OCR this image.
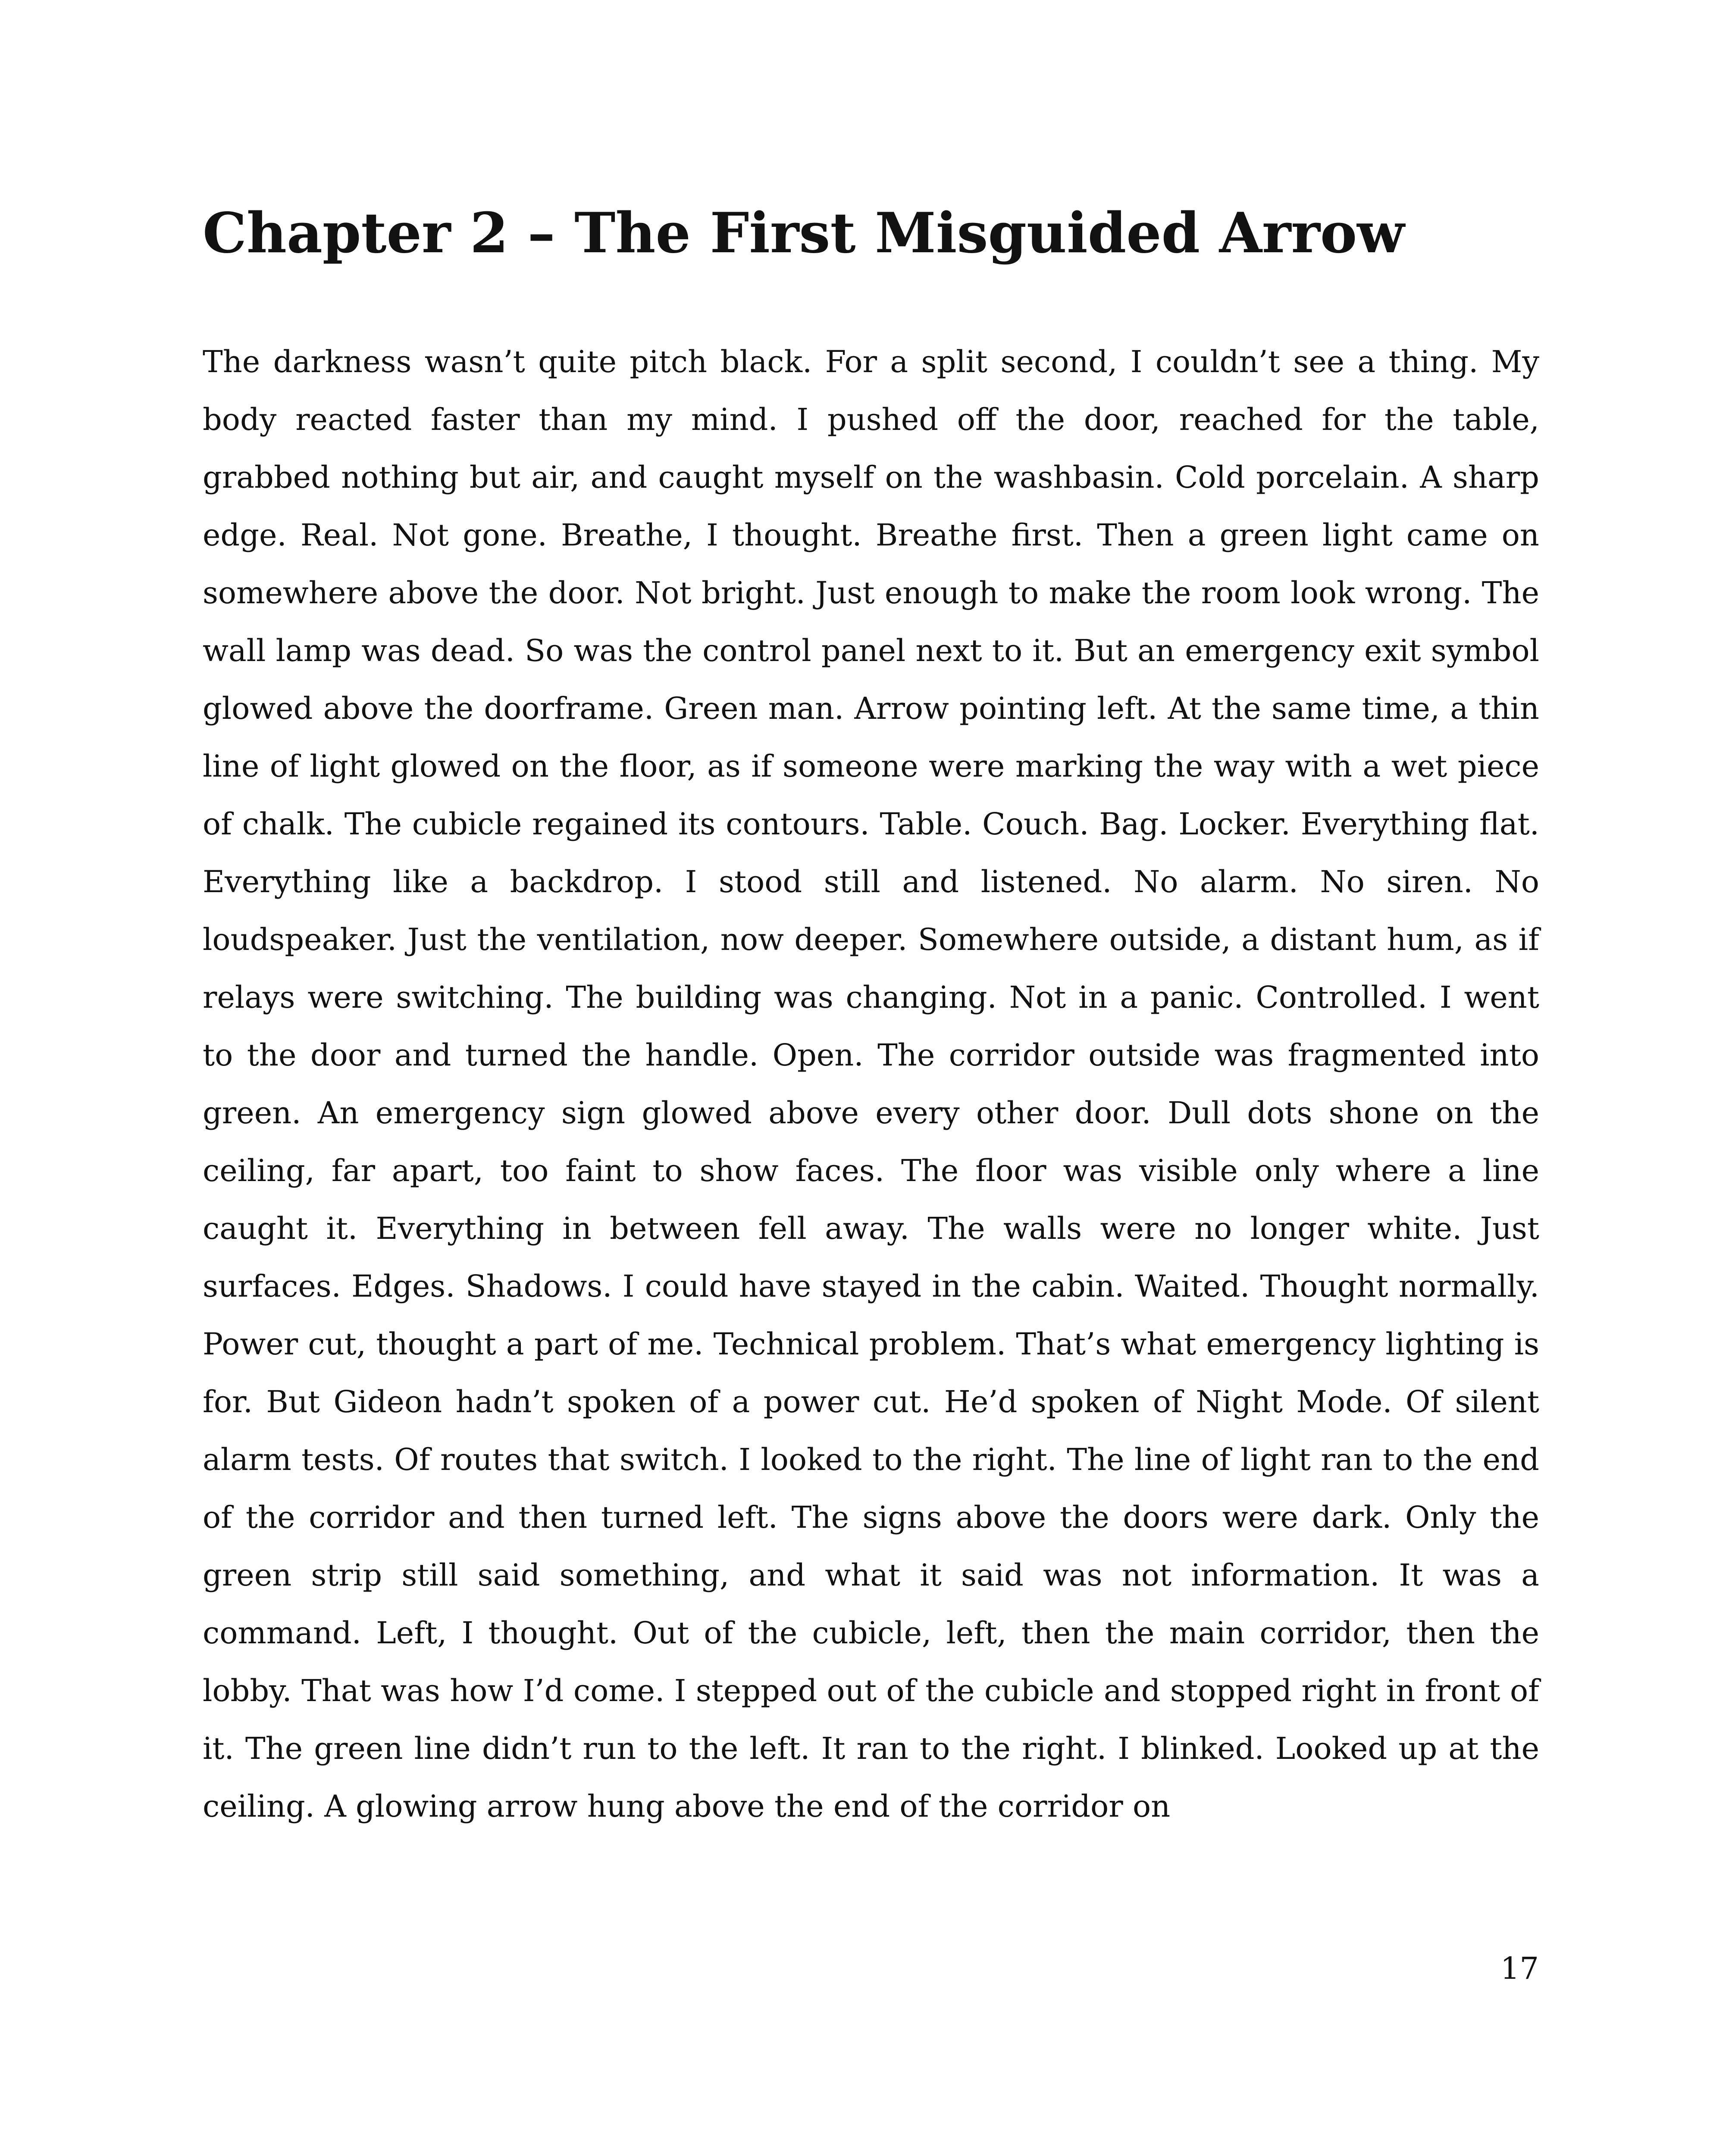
Chapter 2 – The First Misguided Arrow

The darkness wasn’t quite pitch black. For a split second, I couldn’t see a thing. My body reacted faster than my mind. I pushed off the door, reached for the table, grabbed nothing but air, and caught myself on the washbasin. Cold porcelain. A sharp edge. Real. Not gone. Breathe, I thought. Breathe first. Then a green light came on somewhere above the door. Not bright. Just enough to make the room look wrong. The wall lamp was dead. So was the control panel next to it. But an emergency exit symbol glowed above the doorframe. Green man. Arrow pointing left. At the same time, a thin line of light glowed on the floor, as if someone were marking the way with a wet piece of chalk. The cubicle regained its contours. Table. Couch. Bag. Locker. Everything flat. Everything like a backdrop. I stood still and listened. No alarm. No siren. No loudspeaker. Just the ventilation, now deeper. Somewhere outside, a distant hum, as if relays were switching. The building was changing. Not in a panic. Controlled. I went to the door and turned the handle. Open. The corridor outside was fragmented into green. An emergency sign glowed above every other door. Dull dots shone on the ceiling, far apart, too faint to show faces. The floor was visible only where a line caught it. Everything in between fell away. The walls were no longer white. Just surfaces. Edges. Shadows. I could have stayed in the cabin. Waited. Thought normally. Power cut, thought a part of me. Technical problem. That’s what emergency lighting is for. But Gideon hadn’t spoken of a power cut. He’d spoken of Night Mode. Of silent alarm tests. Of routes that switch. I looked to the right. The line of light ran to the end of the corridor and then turned left. The signs above the doors were dark. Only the green strip still said something, and what it said was not information. It was a command. Left, I thought. Out of the cubicle, left, then the main corridor, then the lobby. That was how I’d come. I stepped out of the cubicle and stopped right in front of it. The green line didn’t run to the left. It ran to the right. I blinked. Looked up at the ceiling. A glowing arrow hung above the end of the corridor on

17
